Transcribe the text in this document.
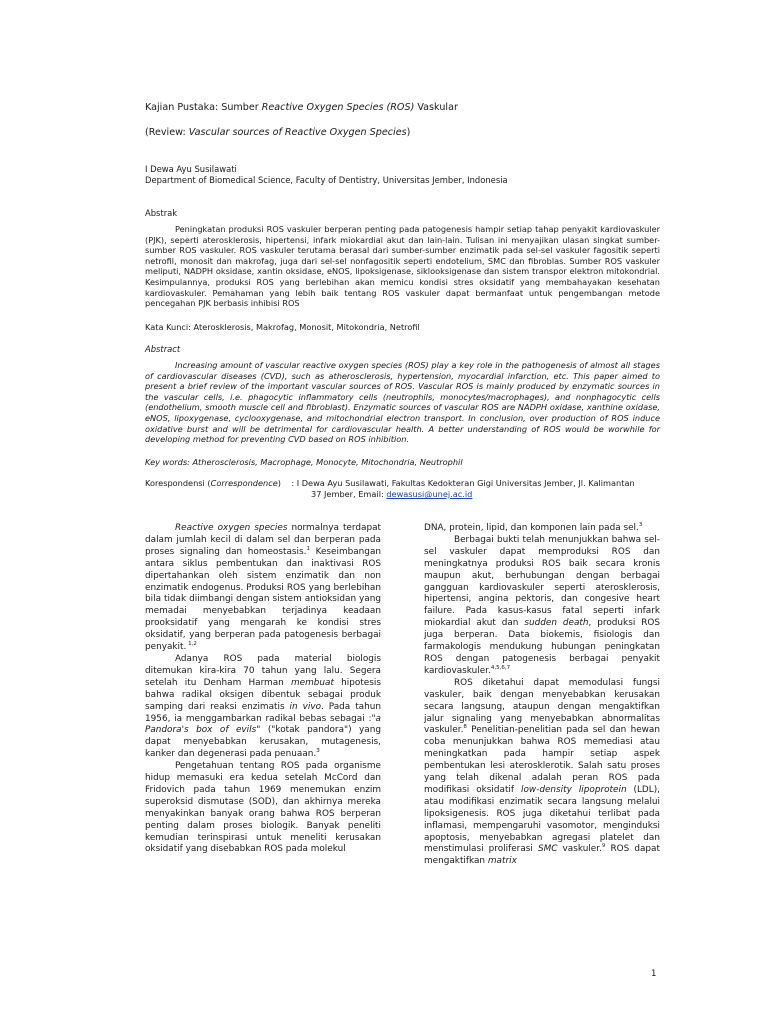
Kajian Pustaka: Sumber Reactive Oxygen Species (ROS) Vaskular
(Review: Vascular sources of Reactive Oxygen Species)
I Dewa Ayu Susilawati
Department of Biomedical Science, Faculty of Dentistry, Universitas Jember, Indonesia
Abstrak

Peningkatan produksi ROS vaskuler berperan penting pada patogenesis hampir setiap tahap penyakit kardiovaskuler (PJK), seperti aterosklerosis, hipertensi, infark miokardial akut dan lain-lain. Tulisan ini menyajikan ulasan singkat sumber-sumber ROS vaskuler. ROS vaskuler terutama berasal dari sumber-sumber enzimatik pada sel-sel vaskuler fagositik seperti netrofil, monosit dan makrofag, juga dari sel-sel nonfagositik seperti endotelium, SMC dan fibroblas. Sumber ROS vaskuler meliputi, NADPH oksidase, xantin oksidase, eNOS, lipoksigenase, siklooksigenase dan sistem transpor elektron mitokondrial. Kesimpulannya, produksi ROS yang berlebihan akan memicu kondisi stres oksidatif yang membahayakan kesehatan kardiovaskuler. Pemahaman yang lebih baik tentang ROS vaskuler dapat bermanfaat untuk pengembangan metode pencegahan PJK berbasis inhibisi ROS

Kata Kunci: Aterosklerosis, Makrofag, Monosit, Mitokondria, Netrofil
Abstract

Increasing amount of vascular reactive oxygen species (ROS) play a key role in the pathogenesis of almost all stages of cardiovascular diseases (CVD), such as atherosclerosis, hypertension, myocardial infarction, etc. This paper aimed to present a brief review of the important vascular sources of ROS. Vascular ROS is mainly produced by enzymatic sources in the vascular cells, i.e. phagocytic inflammatory cells (neutrophils, monocytes/macrophages), and nonphagocytic cells (endothelium, smooth muscle cell and fibroblast). Enzymatic sources of vascular ROS are NADPH oxidase, xanthine oxidase, eNOS, lipoxygenase, cyclooxygenase, and mitochondrial electron transport. In conclusion, over production of ROS induce oxidative burst and will be detrimental for cardiovascular health. A better understanding of ROS would be worwhile for developing method for preventing CVD based on ROS inhibition.

Key words: Atherosclerosis, Macrophage, Monocyte, Mitochondria, Neutrophil
Korespondensi (Correspondence) : I Dewa Ayu Susilawati, Fakultas Kedokteran Gigi Universitas Jember, Jl. Kalimantan
37 Jember, Email: dewasusi@unej.ac.id

Reactive oxygen species normalnya terdapat dalam jumlah kecil di dalam sel dan berperan pada proses signaling dan homeostasis.$^1$ Keseimbangan antara siklus pembentukan dan inaktivasi ROS dipertahankan oleh sistem enzimatik dan non enzimatik endogenus. Produksi ROS yang berlebihan bila tidak diimbangi dengan sistem antioksidan yang memadai menyebabkan terjadinya keadaan prooksidatif yang mengarah ke kondisi stres oksidatif, yang berperan pada patogenesis berbagai penyakit. $^{1,2}$

Adanya ROS pada material biologis ditemukan kira-kira 70 tahun yang lalu. Segera setelah itu Denham Harman membuat hipotesis bahwa radikal oksigen dibentuk sebagai produk samping dari reaksi enzimatis in vivo. Pada tahun 1956, ia menggambarkan radikal bebas sebagai :"a Pandora's box of evils" ("kotak pandora") yang dapat menyebabkan kerusakan, mutagenesis, kanker dan degenerasi pada penuaan.$^3$

Pengetahuan tentang ROS pada organisme hidup memasuki era kedua setelah McCord dan Fridovich pada tahun 1969 menemukan enzim superoksid dismutase (SOD), dan akhirnya mereka menyakinkan banyak orang bahwa ROS berperan penting dalam proses biologik. Banyak peneliti kemudian terinspirasi untuk meneliti kerusakan oksidatif yang disebabkan ROS pada molekul

DNA, protein, lipid, dan komponen lain pada sel.$^3$

Berbagai bukti telah menunjukkan bahwa sel-sel vaskuler dapat memproduksi ROS dan meningkatnya produksi ROS baik secara kronis maupun akut, berhubungan dengan berbagai gangguan kardiovaskuler seperti aterosklerosis, hipertensi, angina pektoris, dan congesive heart failure. Pada kasus-kasus fatal seperti infark miokardial akut dan sudden death, produksi ROS juga berperan. Data biokemis, fisiologis dan farmakologis mendukung hubungan peningkatan ROS dengan patogenesis berbagai penyakit kardiovaskuler.$^{4,5,6,7}$

ROS diketahui dapat memodulasi fungsi vaskuler, baik dengan menyebabkan kerusakan secara langsung, ataupun dengan mengaktifkan jalur signaling yang menyebabkan abnormalitas vaskuler.$^8$ Penelitian-penelitian pada sel dan hewan coba menunjukkan bahwa ROS memediasi atau meningkatkan pada hampir setiap aspek pembentukan lesi aterosklerotik. Salah satu proses yang telah dikenal adalah peran ROS pada modifikasi oksidatif low-density lipoprotein (LDL), atau modifikasi enzimatik secara langsung melalui lipoksigenesis. ROS juga diketahui terlibat pada inflamasi, mempengaruhi vasomotor, menginduksi apoptosis, menyebabkan agregasi platelet dan menstimulasi proliferasi SMC vaskuler.$^9$ ROS dapat mengaktifkan matrix

1
